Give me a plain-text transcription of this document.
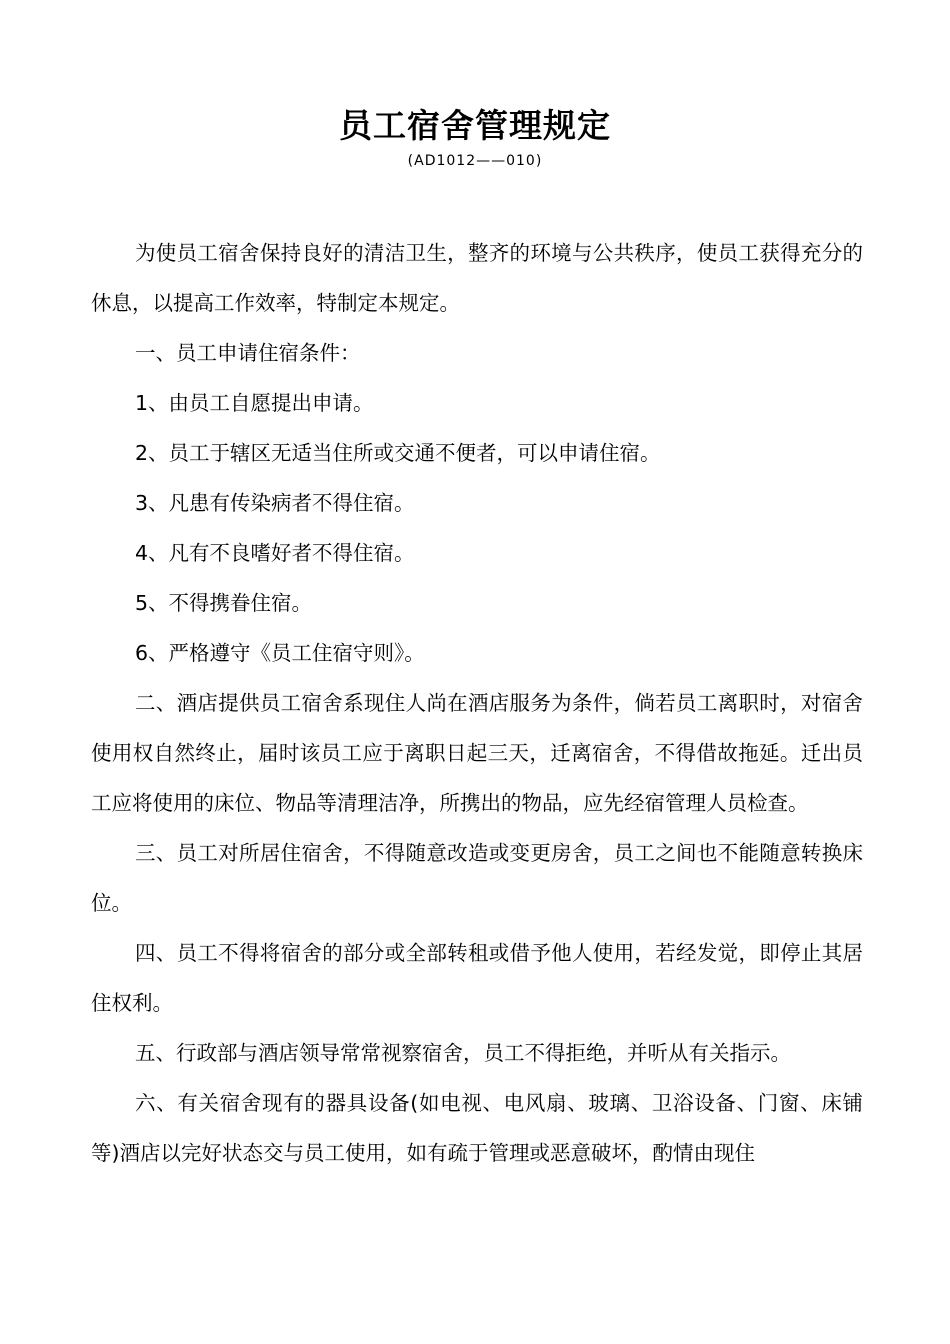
员工宿舍管理规定
(AD1012——010)

为使员工宿舍保持良好的清洁卫生，整齐的环境与公共秩序，使员工获得充分的休息，以提高工作效率，特制定本规定。

一、员工申请住宿条件：

1、由员工自愿提出申请。

2、员工于辖区无适当住所或交通不便者，可以申请住宿。

3、凡患有传染病者不得住宿。

4、凡有不良嗜好者不得住宿。

5、不得携眷住宿。

6、严格遵守《员工住宿守则》。

二、酒店提供员工宿舍系现住人尚在酒店服务为条件，倘若员工离职时，对宿舍使用权自然终止，届时该员工应于离职日起三天，迁离宿舍，不得借故拖延。迁出员工应将使用的床位、物品等清理洁净，所携出的物品，应先经宿管理人员检查。

三、员工对所居住宿舍，不得随意改造或变更房舍，员工之间也不能随意转换床位。

四、员工不得将宿舍的部分或全部转租或借予他人使用，若经发觉，即停止其居住权利。

五、行政部与酒店领导常常视察宿舍，员工不得拒绝，并听从有关指示。

六、有关宿舍现有的器具设备(如电视、电风扇、玻璃、卫浴设备、门窗、床铺等)酒店以完好状态交与员工使用，如有疏于管理或恶意破坏，酌情由现住
